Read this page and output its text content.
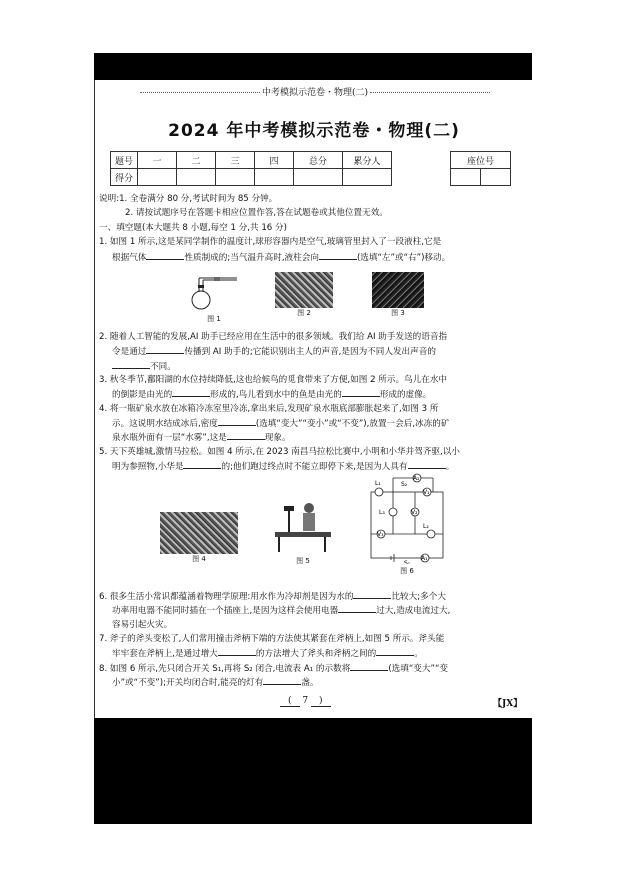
中考模拟示范卷・物理(二)
2024 年中考模拟示范卷・物理(二)
题号	一	二	三	四	总分	累分人
得分						
座位号

说明:1. 全卷满分 80 分,考试时间为 85 分钟。
2. 请按试题序号在答题卡相应位置作答,答在试题卷或其他位置无效。
一、填空题(本大题共 8 小题,每空 1 分,共 16 分)
1. 如图 1 所示,这是某同学制作的温度计,球形容器内是空气,玻璃管里封入了一段液柱,它是
根据气体	性质制成的;当气温升高时,液柱会向	(选填“左”或“右”)移动。
图 1
图 2	图 3
2. 随着人工智能的发展,AI 助手已经应用在生活中的很多领域。我们给 AI 助手发送的语音指
令是通过	传播到 AI 助手的;它能识别出主人的声音,是因为不同人发出声音的
不同。
3. 秋冬季节,鄱阳湖的水位持续降低,这也给候鸟的觅食带来了方便,如图 2 所示。鸟儿在水中
的倒影是由光的	形成的,鸟儿看到水中的鱼是由光的	形成的虚像。
4. 将一瓶矿泉水放在冰箱冷冻室里冷冻,拿出来后,发现矿泉水瓶底部膨胀起来了,如图 3 所
示。这说明水结成冰后,密度	(选填“变大”“变小”或“不变”),放置一会后,冰冻的矿
泉水瓶外面有一层“水雾”,这是	现象。
5. 天下英雄城,激情马拉松。如图 4 所示,在 2023 南昌马拉松比赛中,小明和小华并驾齐驱,以小
明为参照物,小华是	的;他们跑过终点时不能立即停下来,是因为人具有	。
图 4	图 5
L₁
L₃
L₂
S₂
S₁
A₂
A₁
V₁
V₂
V₃
图 6
6. 很多生活小常识都蕴涵着物理学原理:用水作为冷却剂是因为水的	比较大;多个大
功率用电器不能同时插在一个插座上,是因为这样会使用电器	过大,造成电流过大,
容易引起火灾。
7. 斧子的斧头变松了,人们常用撞击斧柄下端的方法使其紧套在斧柄上,如图 5 所示。斧头能
牢牢套在斧柄上,是通过增大	的方法增大了斧头和斧柄之间的	。
8. 如图 6 所示,先只闭合开关 S₁,再将 S₂ 闭合,电流表 A₁ 的示数将	(选填“变大”“变
小”或“不变”);开关均闭合时,能亮的灯有	盏。
( 7 )	【JX】
